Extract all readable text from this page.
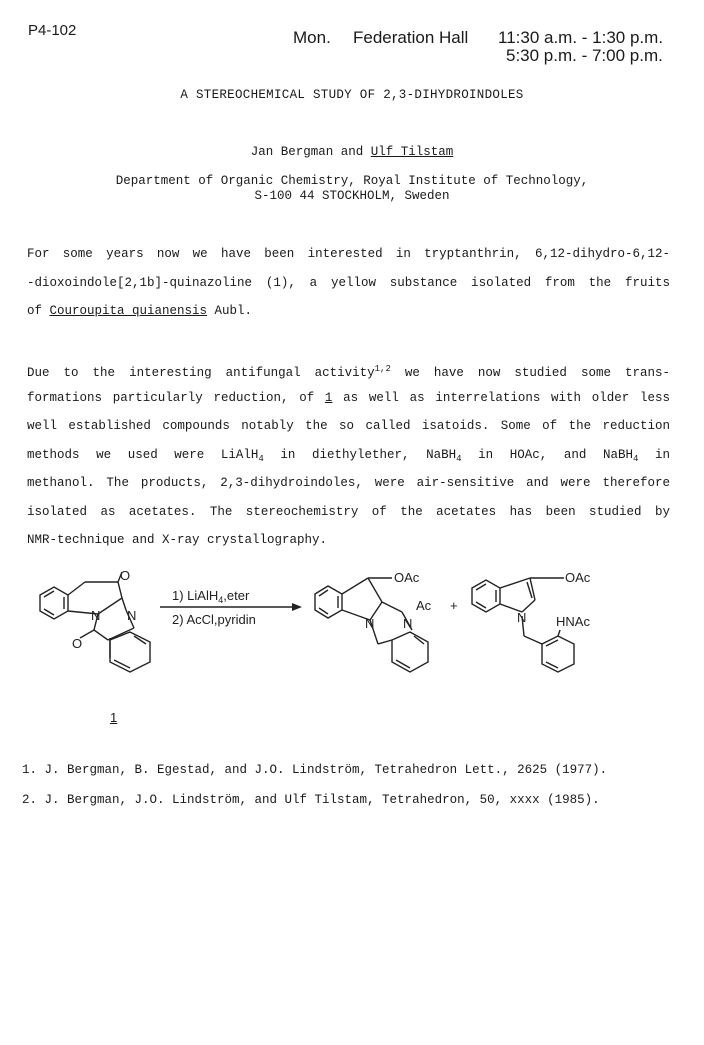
P4-102	Mon. Federation Hall 11:30 a.m. - 1:30 p.m.
5:30 p.m. - 7:00 p.m.
A STEREOCHEMICAL STUDY OF 2,3-DIHYDROINDOLES
Jan Bergman and Ulf Tilstam
Department of Organic Chemistry, Royal Institute of Technology,
S-100 44 STOCKHOLM, Sweden
For some years now we have been interested in tryptanthrin, 6,12-dihydro-6,12-
-dioxoindole[2,1b]-quinazoline (1), a yellow substance isolated from the fruits
of Couroupita quianensis Aubl.
Due to the interesting antifungal activity$^{1,2}$ we have now studied some trans-
formations particularly reduction, of 1 as well as interrelations with older less
well established compounds notably the so called isatoids. Some of the reduction
methods we used were LiAlH$_4$ in diethylether, NaBH$_4$ in HOAc, and NaBH$_4$ in
methanol. The products, 2,3-dihydroindoles, were air-sensitive and were therefore
isolated as acetates. The stereochemistry of the acetates has been studied by
NMR-technique and X-ray crystallography.
O
N N
O
1) LiAlH$_4$,eter
2) AcCl,pyridin
OAc
Ac
N N
+
OAc
N HNAc
1
1. J. Bergman, B. Egestad, and J.O. Lindström, Tetrahedron Lett., 2625 (1977).
2. J. Bergman, J.O. Lindström, and Ulf Tilstam, Tetrahedron, 50, xxxx (1985).
